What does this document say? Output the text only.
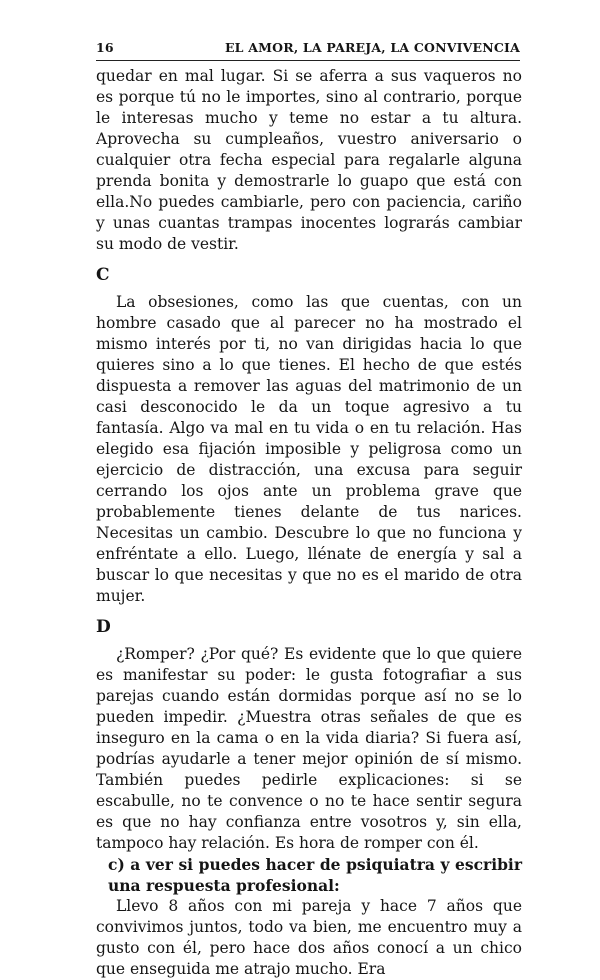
16	EL AMOR, LA PAREJA, LA CONVIVENCIA

quedar en mal lugar. Si se aferra a sus vaqueros no es porque tú no le importes, sino al contrario, porque le interesas mucho y teme no estar a tu altura. Aprovecha su cumpleaños, vuestro aniversario o cualquier otra fecha especial para regalarle alguna prenda bonita y demostrarle lo guapo que está con ella.No puedes cambiarle, pero con paciencia, cariño y unas cuantas trampas inocentes lograrás cambiar su modo de vestir.

C

La obsesiones, como las que cuentas, con un hombre casado que al parecer no ha mostrado el mismo interés por ti, no van dirigidas hacia lo que quieres sino a lo que tienes. El hecho de que estés dispuesta a remover las aguas del matrimonio de un casi desconocido le da un toque agresivo a tu fantasía. Algo va mal en tu vida o en tu relación. Has elegido esa fijación imposible y peligrosa como un ejercicio de distracción, una excusa para seguir cerrando los ojos ante un problema grave que probablemente tienes delante de tus narices. Necesitas un cambio. Descubre lo que no funciona y enfréntate a ello. Luego, llénate de energía y sal a buscar lo que necesitas y que no es el marido de otra mujer.

D

¿Romper? ¿Por qué? Es evidente que lo que quiere es manifestar su poder: le gusta fotografiar a sus parejas cuando están dormidas porque así no se lo pueden impedir. ¿Muestra otras señales de que es inseguro en la cama o en la vida diaria? Si fuera así, podrías ayudarle a tener mejor opinión de sí mismo. También puedes pedirle explicaciones: si se escabulle, no te convence o no te hace sentir segura es que no hay confianza entre vosotros y, sin ella, tampoco hay relación. Es hora de romper con él.

c) a ver si puedes hacer de psiquiatra y escribir una respuesta profesional:

Llevo 8 años con mi pareja y hace 7 años que convivimos juntos, todo va bien, me encuentro muy a gusto con él, pero hace dos años conocí a un chico que enseguida me atrajo mucho. Era
